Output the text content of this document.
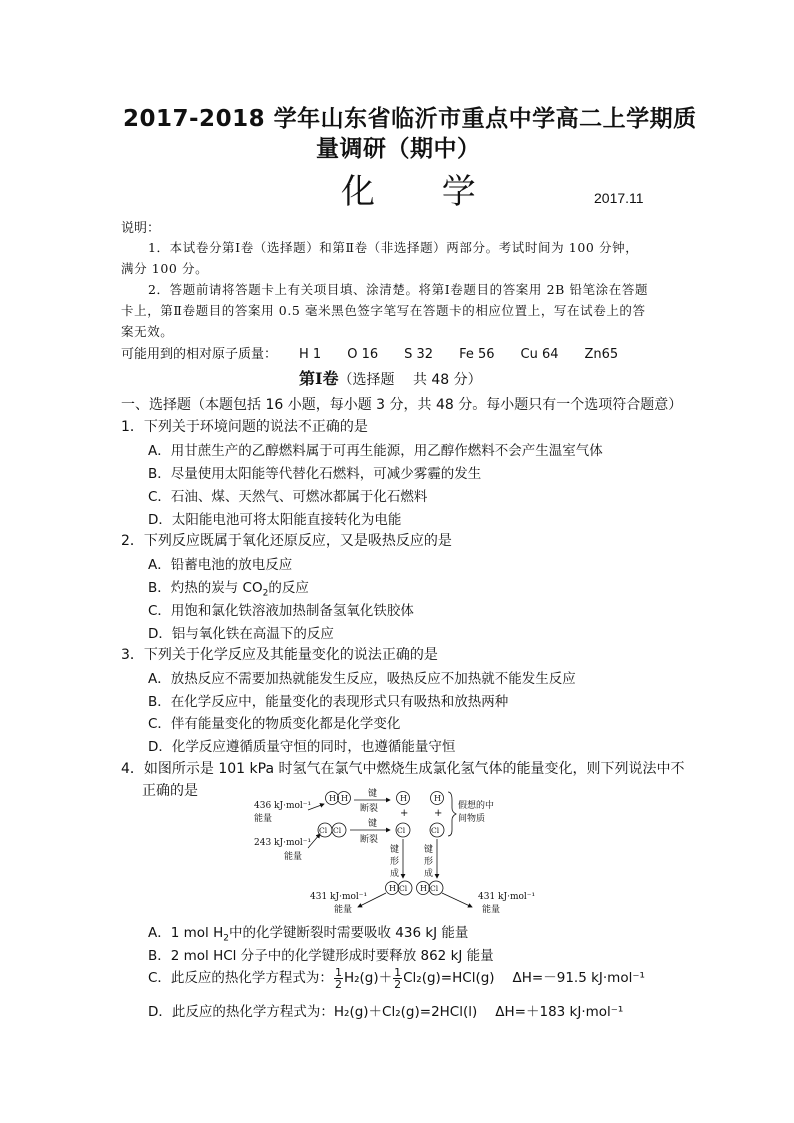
2017-2018 学年山东省临沂市重点中学高二上学期质
量调研（期中）
化 学	2017.11
说明：
1．本试卷分第Ⅰ卷（选择题）和第Ⅱ卷（非选择题）两部分。考试时间为 100 分钟，
满分 100 分。
2．答题前请将答题卡上有关项目填、涂清楚。将第Ⅰ卷题目的答案用 2B 铅笔涂在答题
卡上，第Ⅱ卷题目的答案用 0.5 毫米黑色签字笔写在答题卡的相应位置上，写在试卷上的答
案无效。
可能用到的相对原子质量： H 1 O 16 S 32 Fe 56 Cu 64 Zn65
第Ⅰ卷（选择题　 共 48 分）
一、选择题（本题包括 16 小题，每小题 3 分，共 48 分。每小题只有一个选项符合题意）
1．下列关于环境问题的说法不正确的是
A．用甘蔗生产的乙醇燃料属于可再生能源，用乙醇作燃料不会产生温室气体
B．尽量使用太阳能等代替化石燃料，可减少雾霾的发生
C．石油、煤、天然气、可燃冰都属于化石燃料
D．太阳能电池可将太阳能直接转化为电能
2．下列反应既属于氧化还原反应，又是吸热反应的是
A．铅蓄电池的放电反应
B．灼热的炭与 $CO_2$的反应
C．用饱和氯化铁溶液加热制备氢氧化铁胶体
D．铝与氧化铁在高温下的反应
3．下列关于化学反应及其能量变化的说法正确的是
A．放热反应不需要加热就能发生反应，吸热反应不加热就不能发生反应
B．在化学反应中，能量变化的表现形式只有吸热和放热两种
C．伴有能量变化的物质变化都是化学变化
D．化学反应遵循质量守恒的同时，也遵循能量守恒
4．如图所示是 101 kPa 时氢气在氯气中燃烧生成氯化氢气体的能量变化，则下列说法中不
正确的是
436 kJ·mol⁻¹
能量
243 kJ·mol⁻¹
能量
H H 键
断裂
Cl Cl
键
断裂
H
+
Cl
H
+
Cl
假想的中
间物质
键
形
成
键
形
成
H Cl H Cl
431 kJ·mol⁻¹
能量
431 kJ·mol⁻¹
能量
A．1 mol $H_2$中的化学键断裂时需要吸收 436 kJ 能量
B．2 mol HCl 分子中的化学键形成时要释放 862 kJ 能量
C．此反应的热化学方程式为： $\frac{1}{2} H_2(g)+ \frac{1}{2} Cl_2(g)=HCl(g)$ ΔH=－91.5 kJ·mol⁻¹
D．此反应的热化学方程式为：H₂(g)＋Cl₂(g)=2HCl(l) ΔH=＋183 kJ·mol⁻¹
